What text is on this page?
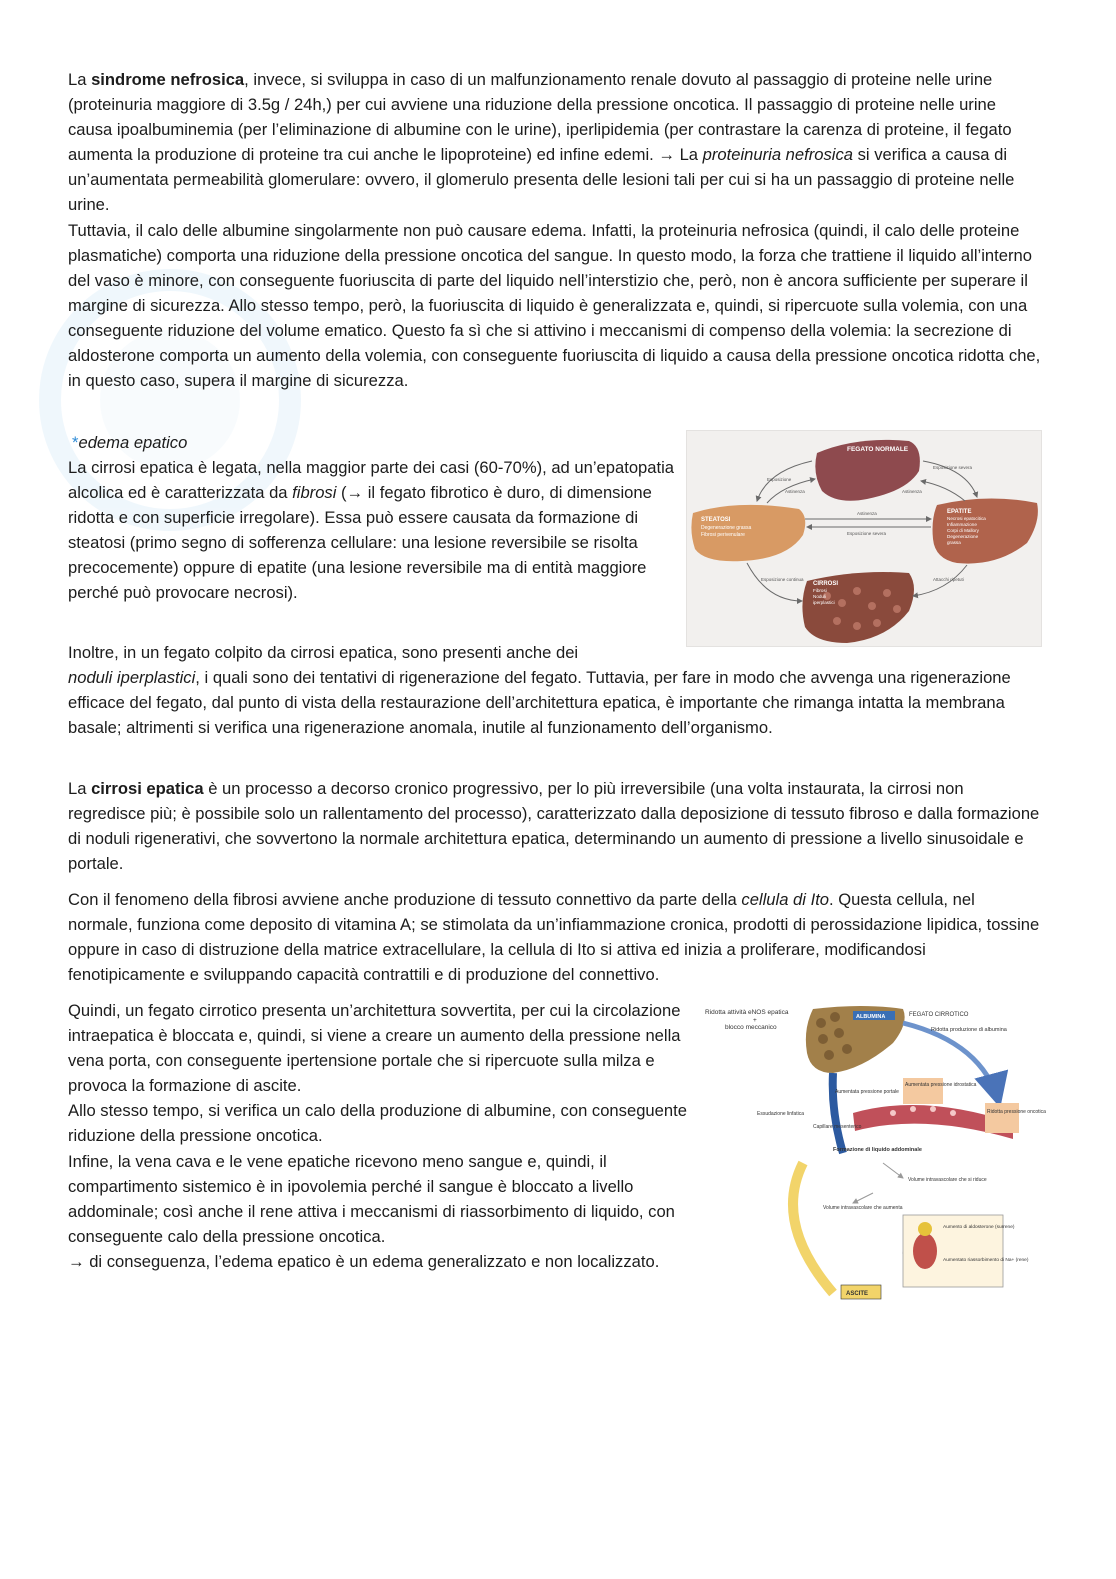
La sindrome nefrosica, invece, si sviluppa in caso di un malfunzionamento renale dovuto al passaggio di proteine nelle urine (proteinuria maggiore di 3.5g / 24h,) per cui avviene una riduzione della pressione oncotica. Il passaggio di proteine nelle urine causa ipoalbuminemia (per l’eliminazione di albumine con le urine), iperlipidemia (per contrastare la carenza di proteine, il fegato aumenta la produzione di proteine tra cui anche le lipoproteine) ed infine edemi. → La proteinuria nefrosica si verifica a causa di un’aumentata permeabilità glomerulare: ovvero, il glomerulo presenta delle lesioni tali per cui si ha un passaggio di proteine nelle urine.
Tuttavia, il calo delle albumine singolarmente non può causare edema. Infatti, la proteinuria nefrosica (quindi, il calo delle proteine plasmatiche) comporta una riduzione della pressione oncotica del sangue. In questo modo, la forza che trattiene il liquido all’interno del vaso è minore, con conseguente fuoriuscita di parte del liquido nell’interstizio che, però, non è ancora sufficiente per superare il margine di sicurezza. Allo stesso tempo, però, la fuoriuscita di liquido è generalizzata e, quindi, si ripercuote sulla volemia, con una conseguente riduzione del volume ematico. Questo fa sì che si attivino i meccanismi di compenso della volemia: la secrezione di aldosterone comporta un aumento della volemia, con conseguente fuoriuscita di liquido a causa della pressione oncotica ridotta che, in questo caso, supera il margine di sicurezza.

*edema epatico

La cirrosi epatica è legata, nella maggior parte dei casi (60-70%), ad un’epatopatia alcolica ed è caratterizzata da fibrosi (→ il fegato fibrotico è duro, di dimensione ridotta e con superficie irregolare). Essa può essere causata da formazione di steatosi (primo segno di sofferenza cellulare: una lesione reversibile se risolta precocemente) oppure di epatite (una lesione reversibile ma di entità maggiore perché può provocare necrosi).

FEGATO NORMALE
STEATOSI
Degenerazione grassa
Fibrosi perivenulare
EPATITE
Necrosi epatocitica
Infiammazione
Corpi di Mallory
Degenerazione
grassa
CIRROSI
Fibrosi
Noduli
iperplastici
Esposizione
Astinenza
Esposizione severa
Astinenza
Astinenza
Esposizione severa
Esposizione continua	Attacchi ripetuti

Inoltre, in un fegato colpito da cirrosi epatica, sono presenti anche dei
noduli iperplastici, i quali sono dei tentativi di rigenerazione del fegato. Tuttavia, per fare in modo che avvenga una rigenerazione efficace del fegato, dal punto di vista della restaurazione dell’architettura epatica, è importante che rimanga intatta la membrana basale; altrimenti si verifica una rigenerazione anomala, inutile al funzionamento dell’organismo.

La cirrosi epatica è un processo a decorso cronico progressivo, per lo più irreversibile (una volta instaurata, la cirrosi non regredisce più; è possibile solo un rallentamento del processo), caratterizzato dalla deposizione di tessuto fibroso e dalla formazione di noduli rigenerativi, che sovvertono la normale architettura epatica, determinando un aumento di pressione a livello sinusoidale e portale.

Con il fenomeno della fibrosi avviene anche produzione di tessuto connettivo da parte della cellula di Ito. Questa cellula, nel normale, funziona come deposito di vitamina A; se stimolata da un’infiammazione cronica, prodotti di perossidazione lipidica, tossine oppure in caso di distruzione della matrice extracellulare, la cellula di Ito si attiva ed inizia a proliferare, modificandosi fenotipicamente e sviluppando capacità contrattili e di produzione del connettivo.

Quindi, un fegato cirrotico presenta un’architettura sovvertita, per cui la circolazione intraepatica è bloccata e, quindi, si viene a creare un aumento della pressione nella vena porta, con conseguente ipertensione portale che si ripercuote sulla milza e provoca la formazione di ascite.
Allo stesso tempo, si verifica un calo della produzione di albumine, con conseguente riduzione della pressione oncotica.
Infine, la vena cava e le vene epatiche ricevono meno sangue e, quindi, il compartimento sistemico è in ipovolemia perché il sangue è bloccato a livello addominale; così anche il rene attiva i meccanismi di riassorbimento di liquido, con conseguente calo della pressione oncotica.
→ di conseguenza, l’edema epatico è un edema generalizzato e non localizzato.

Ridotta attività eNOS epatica
+
blocco meccanico
ALBUMINA	FEGATO CIRROTICO
Ridotta produzione di albumina
Aumentata pressione idrostatica
Ridotta pressione oncotica
Aumentata pressione portale
Essudazione linfatica
Capillare mesenterico
Formazione di liquido addominale
Volume intravascolare che si riduce
Volume intravascolare che aumenta
Aumento di aldosterone (surrene)
Aumentato riassorbimento di Na+ (rene)
ASCITE
